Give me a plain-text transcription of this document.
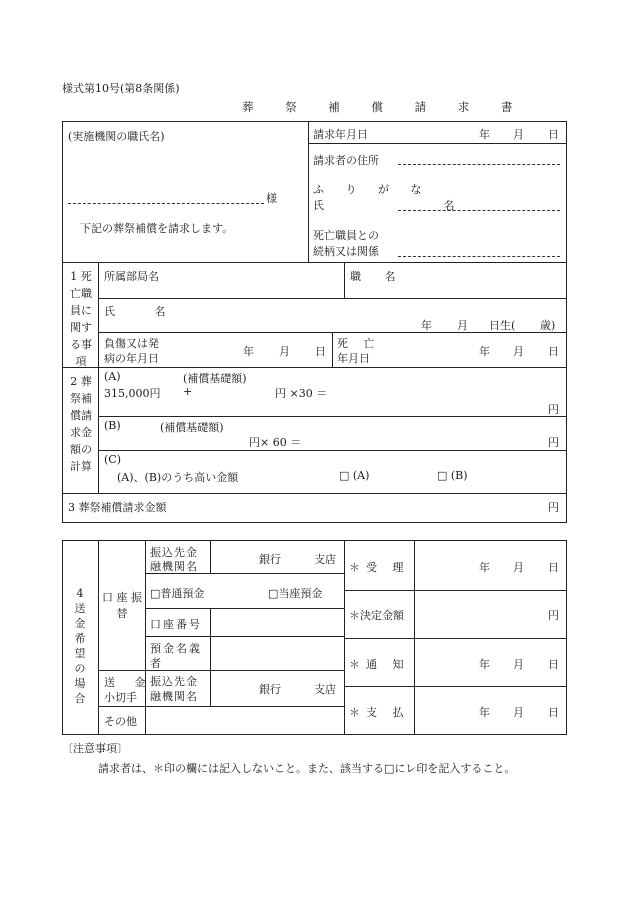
様式第10号(第8条関係)
葬 祭 補 償 請 求 書
(実施機関の職氏名)
様
下記の葬祭補償を請求します。
請求年月日	年 月 日
請求者の住所
ふ り が な
氏 名
死亡職員との
続柄又は関係
1 死亡職員に関する事項
所属部局名	職 名
氏 名
年 月 日生( 歳)
負傷又は発
病の年月日
年 月 日
死 亡
年月日
年 月 日
2 葬祭補償請求金額の計算
(A)	(補償基礎額)
315,000円 +	円 ×30 ＝
円
(B)	(補償基礎額)
円× 60 ＝	円
(C)
(A)、(B)のうち高い金額	□ (A)	□ (B)
3 葬祭補償請求金額	円
4 送金希望の場合
口 座 振 替
振込先金
融機関名
銀行	支店
□普通預金	□当座預金
口座番号
預金名義
者
送 金
小切手
振込先金
融機関名
銀行	支店
その他
＊受 理	年 月 日
＊決定金額	円
＊通 知	年 月 日
＊支 払	年 月 日
〔注意事項〕
請求者は、＊印の欄には記入しないこと。また、該当する□にレ印を記入すること。
